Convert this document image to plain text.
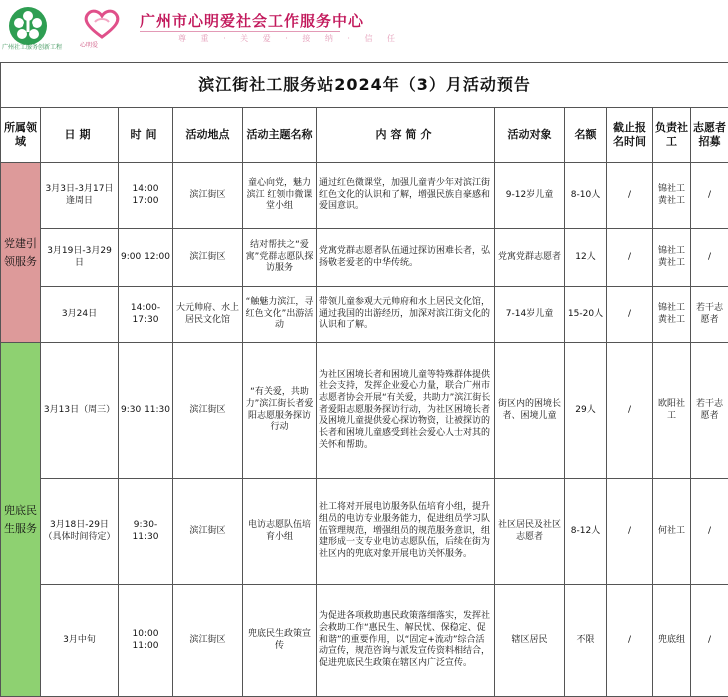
广州社工服务创新工程	心明爱
广州市心明爱社会工作服务中心
尊 重 · 关 爱 · 接 纳 · 信 任
滨江街社工服务站2024年（3）月活动预告										
所属领域	日期	时间	活动地点	活动主题名称	内容简介	活动对象	名额	截止报名时间	负责社工	志愿者招募
党建引领服务	3月3日-3月17日 逢周日	14:00 17:00	滨江街区	童心向党，魅力滨江 红领巾微课堂小组	通过红色微课堂，加强儿童青少年对滨江街红色文化的认识和了解，增强民族自豪感和爱国意识。	9-12岁儿童	8-10人	/	锦社工 黄社工	/
	3月19日-3月29日	9:00 12:00	滨江街区	结对帮扶之“爱寓”党群志愿队探访服务	党寓党群志愿者队伍通过探访困难长者，弘扬敬老爱老的中华传统。	党寓党群志愿者	12人	/	锦社工 黄社工	/
	3月24日	14:00-17:30	大元帅府、水上居民文化馆	“触魅力滨江，寻红色文化”出游活动	带领儿童参观大元帅府和水上居民文化馆，通过我国的出游经历，加深对滨江街文化的认识和了解。	7-14岁儿童	15-20人	/	锦社工 黄社工	若干志愿者
兜底民生服务	3月13日（周三）	9:30 11:30	滨江街区	“有关爱，共助力”滨江街长者爱阳志愿服务探访行动	为社区困境长者和困境儿童等特殊群体提供社会支持，发挥企业爱心力量，联合广州市志愿者协会开展“有关爱，共助力”滨江街长者爱阳志愿服务探访行动，为社区困境长者及困境儿童提供爱心探访物资，让被探访的长者和困境儿童感受到社会爱心人士对其的关怀和帮助。	街区内的困境长者、困境儿童	29人	/	欧阳社工	若干志愿者
	3月18日-29日（具体时间待定）	9:30-11:30	滨江街区	电访志愿队伍培育小组	社工将对开展电访服务队伍培育小组，提升组员的电访专业服务能力，促进组员学习队伍管理规范，增强组员的规范服务意识，组建形成一支专业电访志愿队伍，后续在街为社区内的兜底对象开展电访关怀服务。	社区居民及社区志愿者	8-12人	/	何社工	/
	3月中旬	10:00 11:00	滨江街区	兜底民生政策宣传	为促进各项救助惠民政策落细落实，发挥社会救助工作“惠民生、解民忧、保稳定、促和谐”的重要作用，以“固定+流动”综合活动宣传，规范咨询与派发宣传资料相结合，促进兜底民生政策在辖区内广泛宣传。	辖区居民	不限	/	兜底组	/
